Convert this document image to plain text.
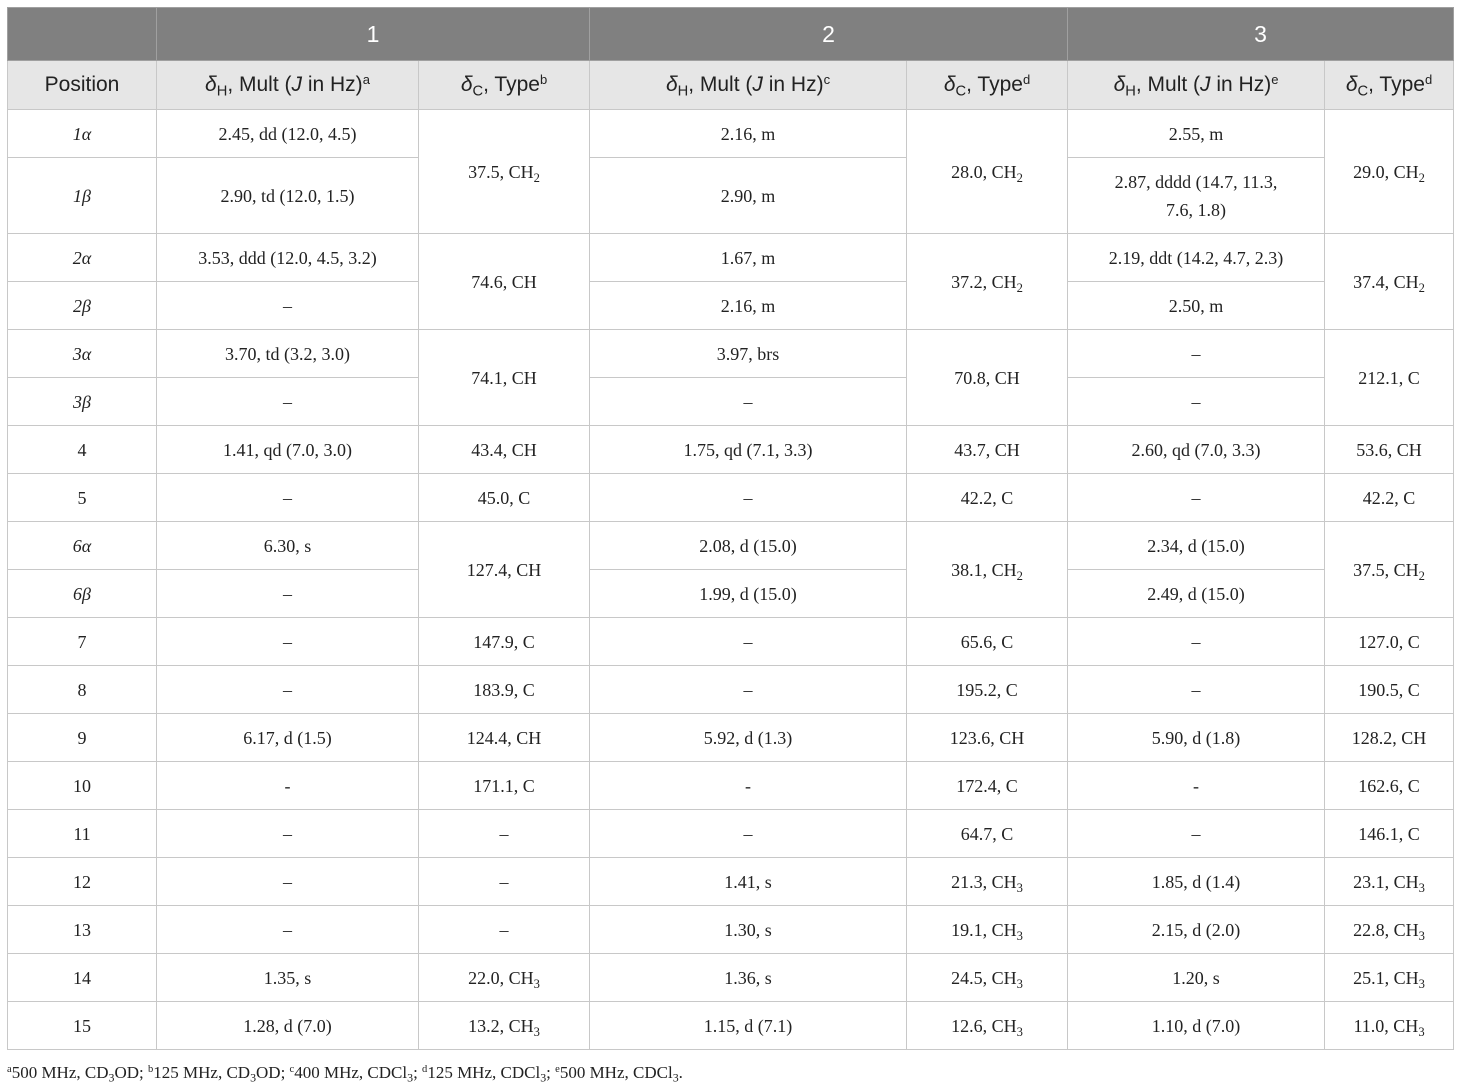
	1		2		3	
Position	$\delta_H$, Mult (J in Hz)$^a$	$\delta_C$, Type$^b$	$\delta_H$, Mult (J in Hz)$^c$	$\delta_C$, Type$^d$	$\delta_H$, Mult (J in Hz)$^e$	$\delta_C$, Type$^d$
1α	2.45, dd (12.0, 4.5)	37.5, $CH_2$	2.16, m	28.0, $CH_2$	2.55, m	29.0, $CH_2$
1β	2.90, td (12.0, 1.5)		2.90, m		2.87, dddd (14.7, 11.3, 7.6, 1.8)	
2α	3.53, ddd (12.0, 4.5, 3.2)	74.6, CH	1.67, m	37.2, $CH_2$	2.19, ddt (14.2, 4.7, 2.3)	37.4, $CH_2$
2β	–		2.16, m		2.50, m	
3α	3.70, td (3.2, 3.0)	74.1, CH	3.97, brs	70.8, CH	–	212.1, C
3β	–		–		–	
4	1.41, qd (7.0, 3.0)	43.4, CH	1.75, qd (7.1, 3.3)	43.7, CH	2.60, qd (7.0, 3.3)	53.6, CH
5	–	45.0, C	–	42.2, C	–	42.2, C
6α	6.30, s	127.4, CH	2.08, d (15.0)	38.1, $CH_2$	2.34, d (15.0)	37.5, $CH_2$
6β	–		1.99, d (15.0)		2.49, d (15.0)	
7	–	147.9, C	–	65.6, C	–	127.0, C
8	–	183.9, C	–	195.2, C	–	190.5, C
9	6.17, d (1.5)	124.4, CH	5.92, d (1.3)	123.6, CH	5.90, d (1.8)	128.2, CH
10	-	171.1, C	-	172.4, C	-	162.6, C
11	–	–	–	64.7, C	–	146.1, C
12	–	–	1.41, s	21.3, $CH_3$	1.85, d (1.4)	23.1, $CH_3$
13	–	–	1.30, s	19.1, $CH_3$	2.15, d (2.0)	22.8, $CH_3$
14	1.35, s	22.0, $CH_3$	1.36, s	24.5, $CH_3$	1.20, s	25.1, $CH_3$
15	1.28, d (7.0)	13.2, $CH_3$	1.15, d (7.1)	12.6, $CH_3$	1.10, d (7.0)	11.0, $CH_3$
$^a$500 MHz, $CD_3OD$; $^b$125 MHz, $CD_3OD$; $^c$400 MHz, CDCl$_3$; $^d$125 MHz, CDCl$_3$; $^e$500 MHz, CDCl$_3$.
